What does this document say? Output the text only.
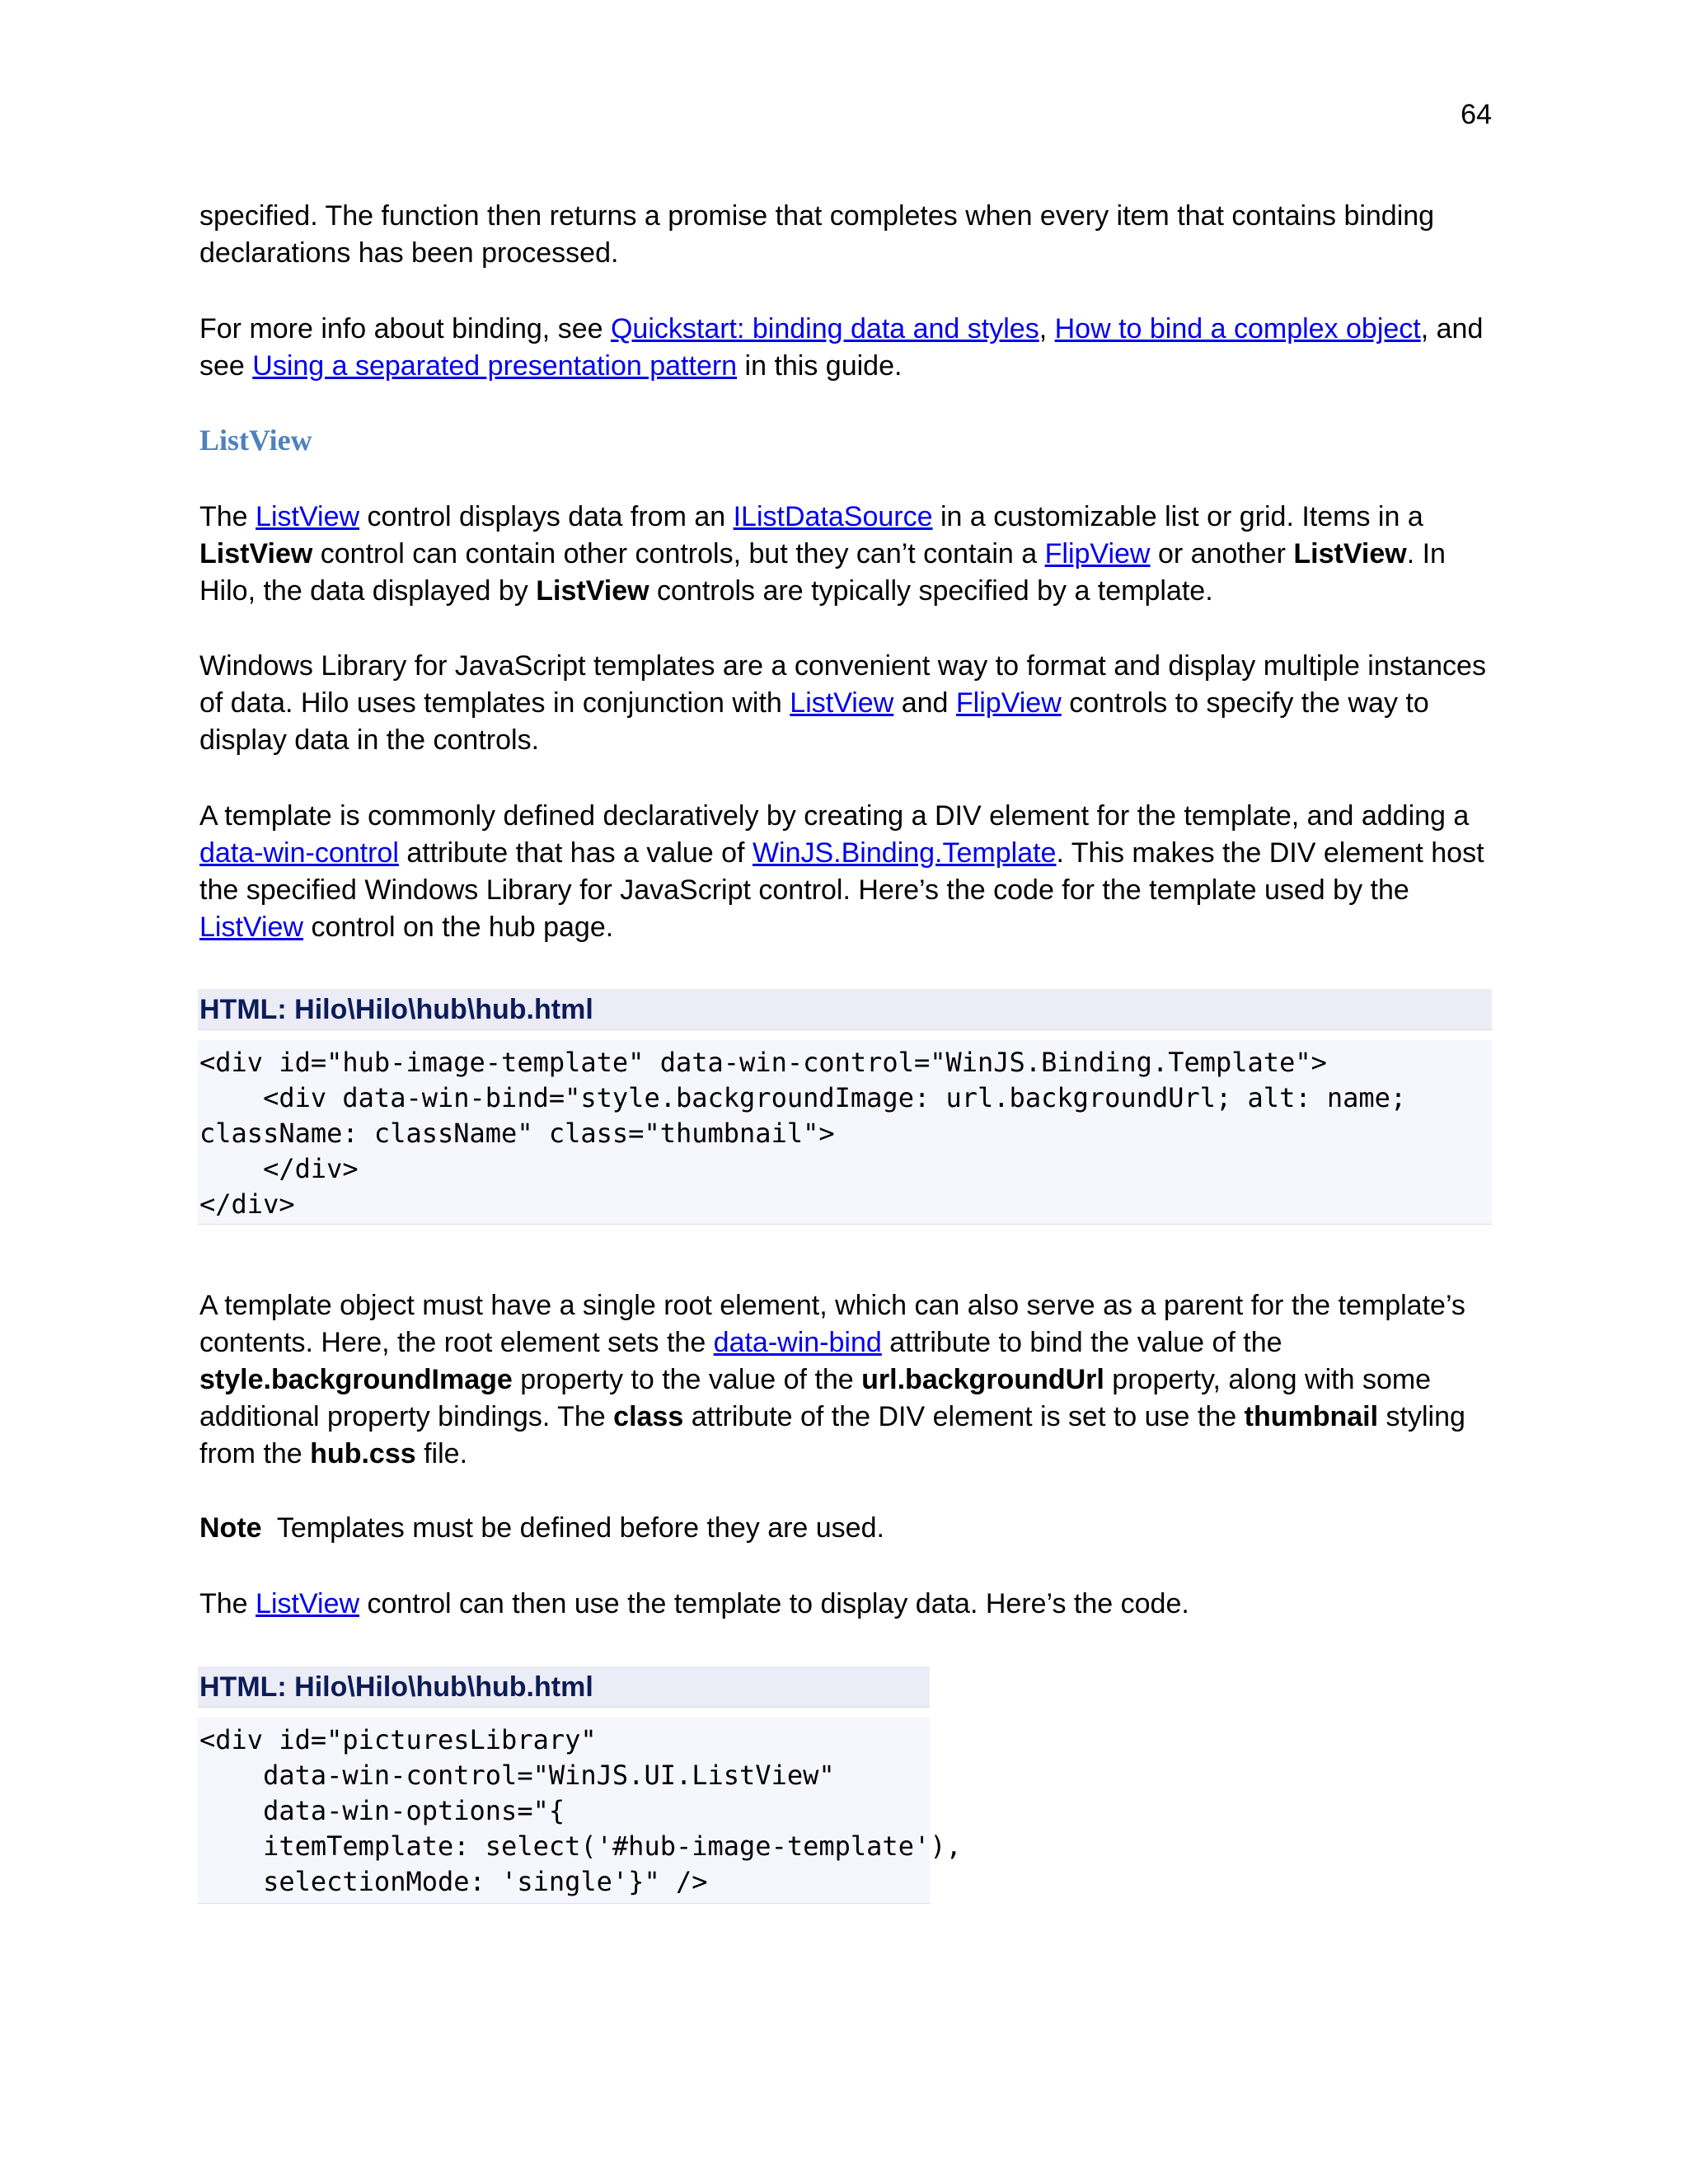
64

specified. The function then returns a promise that completes when every item that contains binding declarations has been processed.

For more info about binding, see Quickstart: binding data and styles, How to bind a complex object, and see Using a separated presentation pattern in this guide.

ListView

The ListView control displays data from an IListDataSource in a customizable list or grid. Items in a ListView control can contain other controls, but they can’t contain a FlipView or another ListView. In Hilo, the data displayed by ListView controls are typically specified by a template.

Windows Library for JavaScript templates are a convenient way to format and display multiple instances of data. Hilo uses templates in conjunction with ListView and FlipView controls to specify the way to display data in the controls.

A template is commonly defined declaratively by creating a DIV element for the template, and adding a data-win-control attribute that has a value of WinJS.Binding.Template. This makes the DIV element host the specified Windows Library for JavaScript control. Here’s the code for the template used by the ListView control on the hub page.

HTML: Hilo\Hilo\hub\hub.html
<div id="hub-image-template" data-win-control="WinJS.Binding.Template">
<div data-win-bind="style.backgroundImage: url.backgroundUrl; alt: name;
className: className" class="thumbnail">
</div>
</div>

A template object must have a single root element, which can also serve as a parent for the template’s contents. Here, the root element sets the data-win-bind attribute to bind the value of the style.backgroundImage property to the value of the url.backgroundUrl property, along with some additional property bindings. The class attribute of the DIV element is set to use the thumbnail styling from the hub.css file.

Note  Templates must be defined before they are used.

The ListView control can then use the template to display data. Here’s the code.

HTML: Hilo\Hilo\hub\hub.html
<div id="picturesLibrary"
data-win-control="WinJS.UI.ListView"
data-win-options="{
itemTemplate: select('#hub-image-template'),
selectionMode: 'single'}" />
